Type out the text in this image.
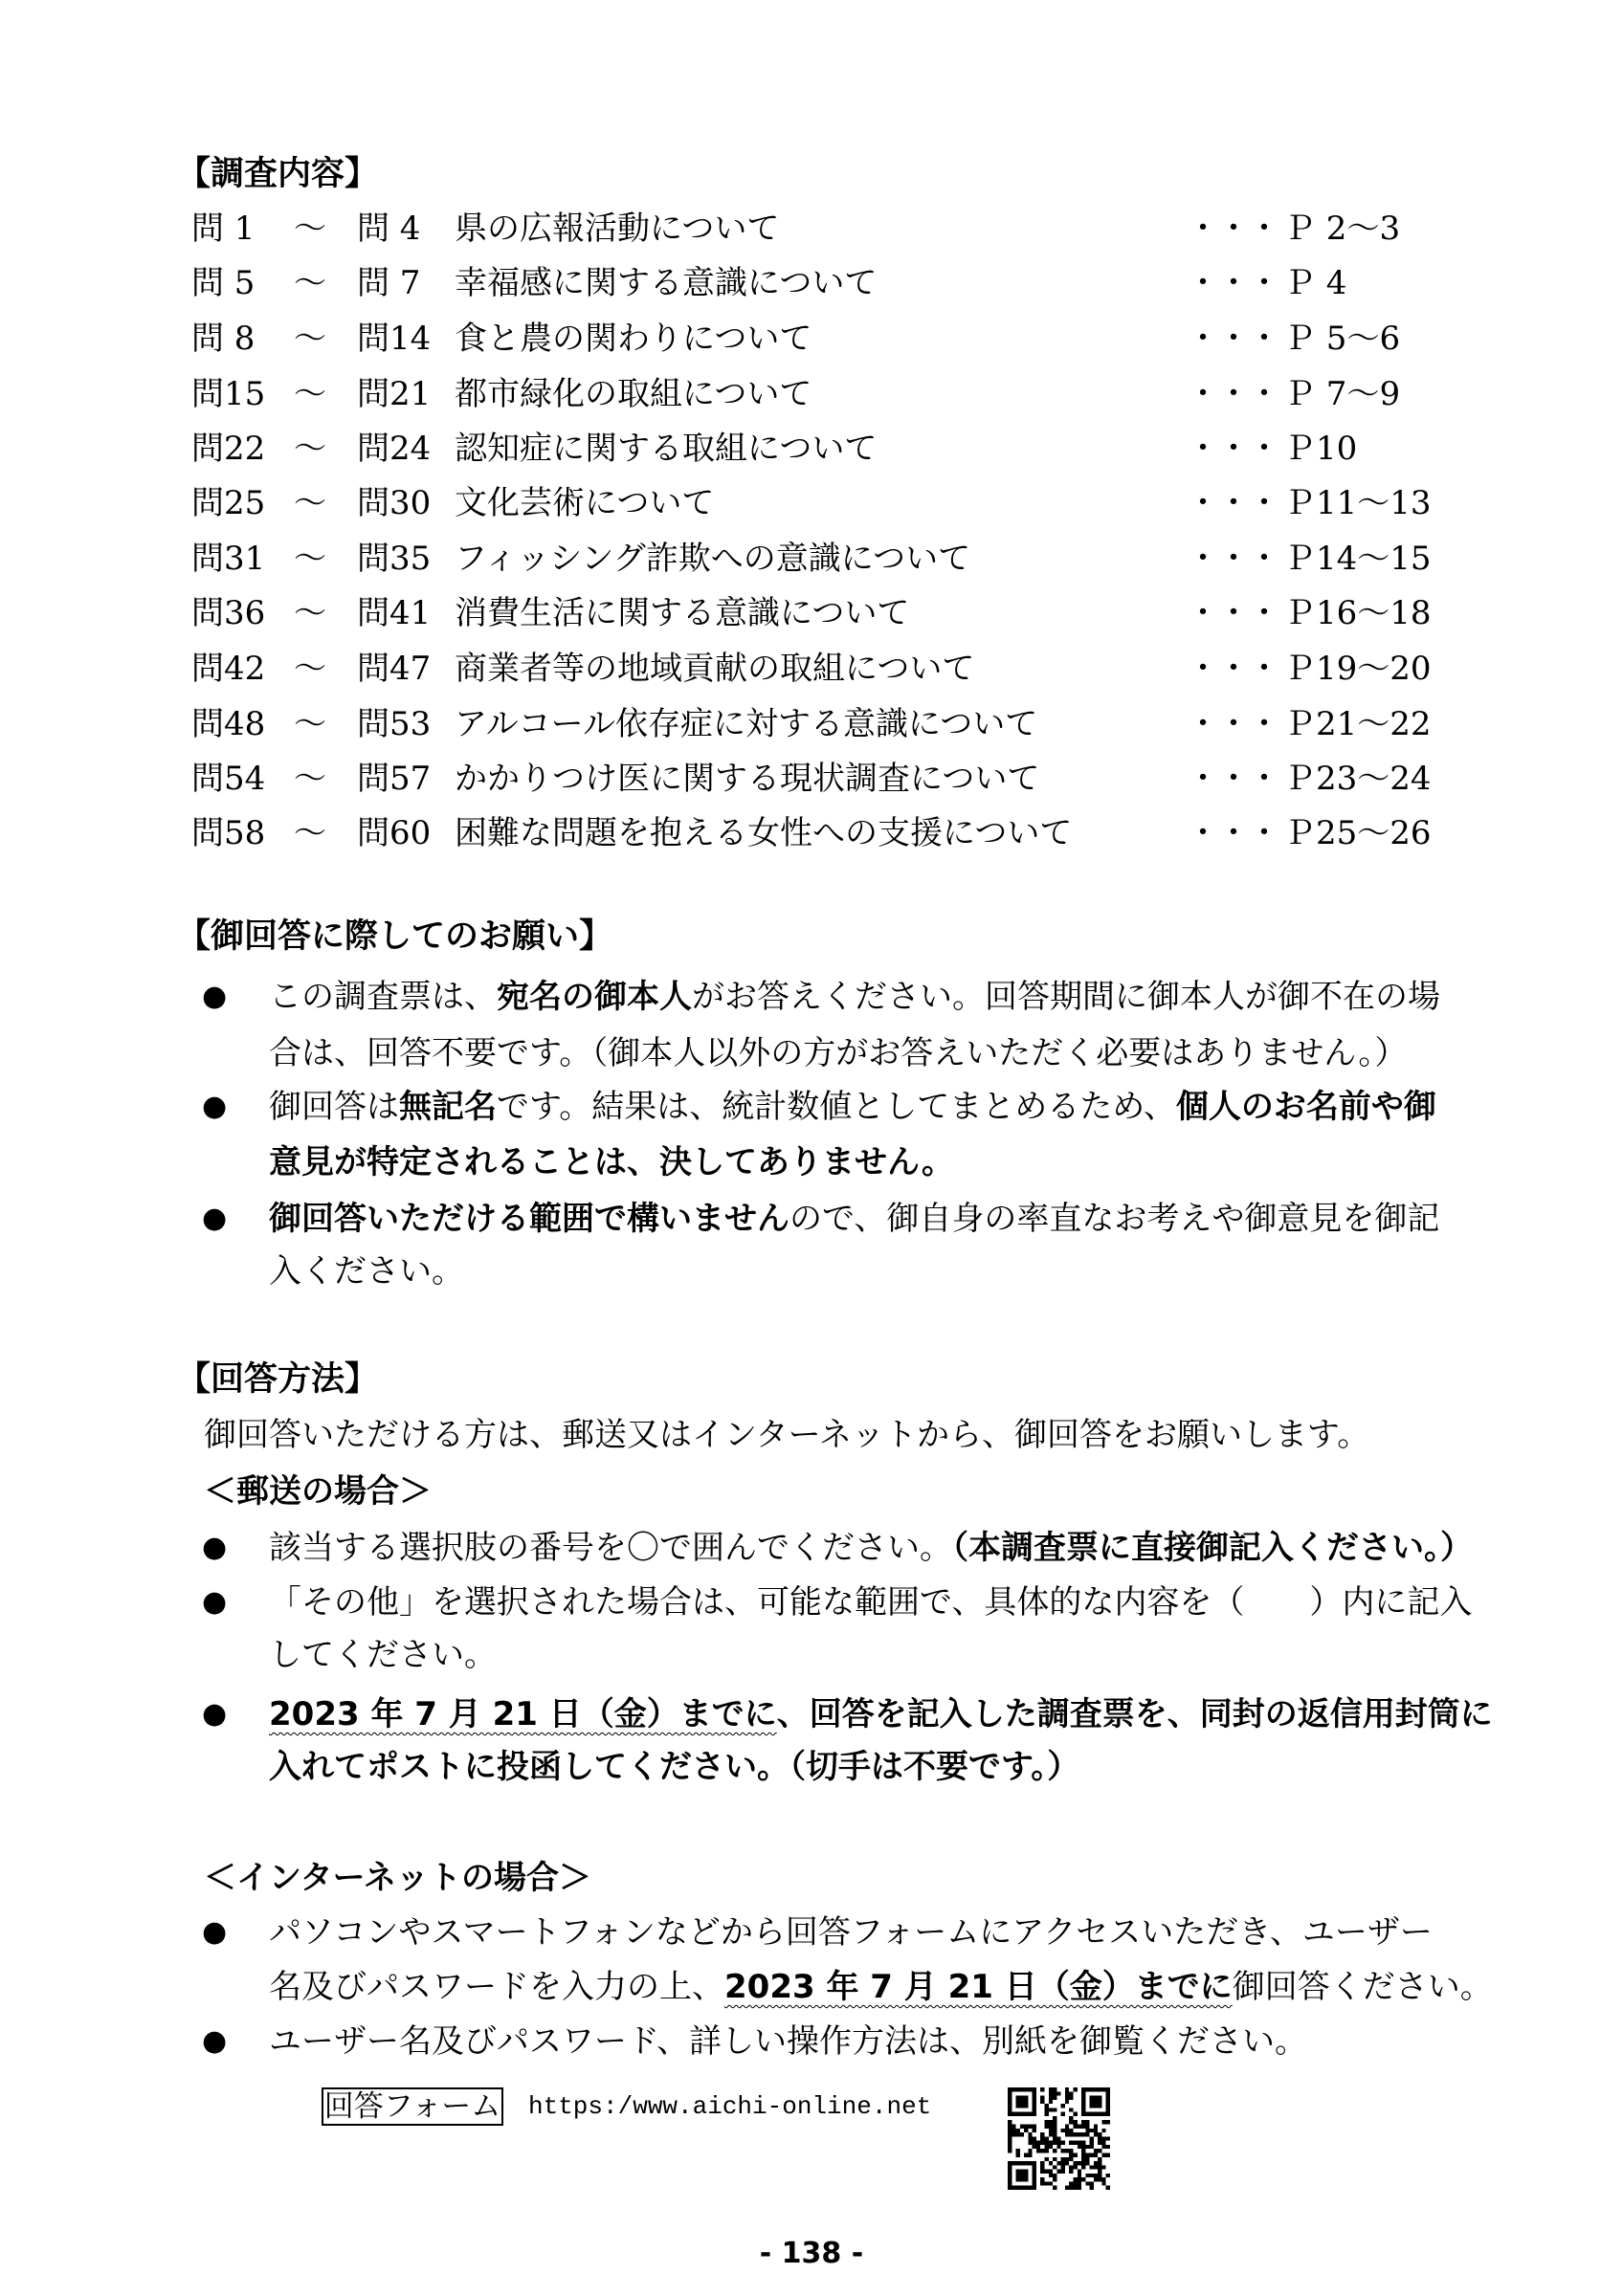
【調査内容】
問 1 ～ 問 4 県の広報活動について	・・・ Ｐ 2～3
問 5 ～ 問 7 幸福感に関する意識について	・・・ Ｐ 4
問 8 ～ 問14 食と農の関わりについて	・・・ Ｐ 5～6
問15 ～ 問21 都市緑化の取組について	・・・ Ｐ 7～9
問22 ～ 問24 認知症に関する取組について	・・・ Ｐ10
問25 ～ 問30 文化芸術について	・・・ Ｐ11～13
問31 ～ 問35 フィッシング詐欺への意識について	・・・ Ｐ14～15
問36 ～ 問41 消費生活に関する意識について	・・・ Ｐ16～18
問42 ～ 問47 商業者等の地域貢献の取組について	・・・ Ｐ19～20
問48 ～ 問53 アルコール依存症に対する意識について	・・・ Ｐ21～22
問54 ～ 問57 かかりつけ医に関する現状調査について	・・・ Ｐ23～24
問58 ～ 問60 困難な問題を抱える女性への支援について	・・・ Ｐ25～26
【御回答に際してのお願い】
● この調査票は、宛名の御本人がお答えください。回答期間に御本人が御不在の場
合は、回答不要です。（御本人以外の方がお答えいただく必要はありません。）
● 御回答は無記名です。結果は、統計数値としてまとめるため、個人のお名前や御
意見が特定されることは、決してありません。
● 御回答いただける範囲で構いませんので、御自身の率直なお考えや御意見を御記
入ください。
【回答方法】
御回答いただける方は、郵送又はインターネットから、御回答をお願いします。
＜郵送の場合＞
● 該当する選択肢の番号を〇で囲んでください。（本調査票に直接御記入ください。）
● 「その他」を選択された場合は、可能な範囲で、具体的な内容を（　　）内に記入
してください。
● 2023 年 7 月 21 日（金）までに、回答を記入した調査票を、同封の返信用封筒に
入れてポストに投函してください。（切手は不要です。）
＜インターネットの場合＞
● パソコンやスマートフォンなどから回答フォームにアクセスいただき、ユーザー
名及びパスワードを入力の上、2023 年 7 月 21 日（金）までに御回答ください。
● ユーザー名及びパスワード、詳しい操作方法は、別紙を御覧ください。
回答フォーム https:/www.aichi-online.net
- 138 -
